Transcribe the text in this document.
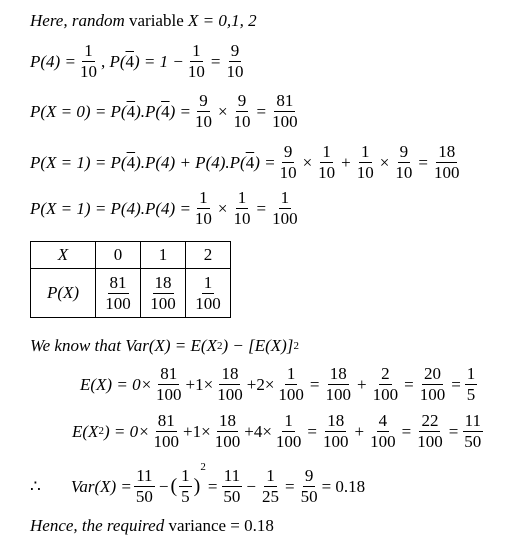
Here, random
variable
X = 0,1, 2
$P(4) = \frac{1}{10}$ ,
P( 4 ) = $1 - \frac{1}{10} = \frac{9}{10}$
P(X = 0) = P( 4 ).P( 4 ) = $\frac{9}{10} \times \frac{9}{10} = \frac{81}{100}$
P(X = 1) = P( 4 ).P(4) + P(4).P( 4 ) = $\frac{9}{10} \times \frac{1}{10} + \frac{1}{10} \times \frac{9}{10} = \frac{18}{100}$
$P(X = 1) = P(4).P(4) = \frac{1}{10} \times \frac{1}{10} = \frac{1}{100}$
X	0	1	2
P(X)	$\frac{81}{100}$	$\frac{18}{100}$	$\frac{1}{100}$
We know that
Var(X) = E(X 2 ) − [E(X)] 2
$E(X) = 0\times \frac{81}{100} +1\times \frac{18}{100} +2\times \frac{1}{100} = \frac{18}{100} + \frac{2}{100} = \frac{20}{100} = \frac{1}{5}$
E(X 2 ) = $0\times \frac{81}{100} +1\times \frac{18}{100} +4\times \frac{1}{100} = \frac{18}{100} + \frac{4}{100} = \frac{22}{100} = \frac{11}{50}$
∴ $Var(X) = \frac{11}{50}$ − ( $\frac{1}{5}$ )
2
= $\frac{11}{50} - \frac{1}{25} = \frac{9}{50} = 0.18$
Hence, the required
variance = 0.18
